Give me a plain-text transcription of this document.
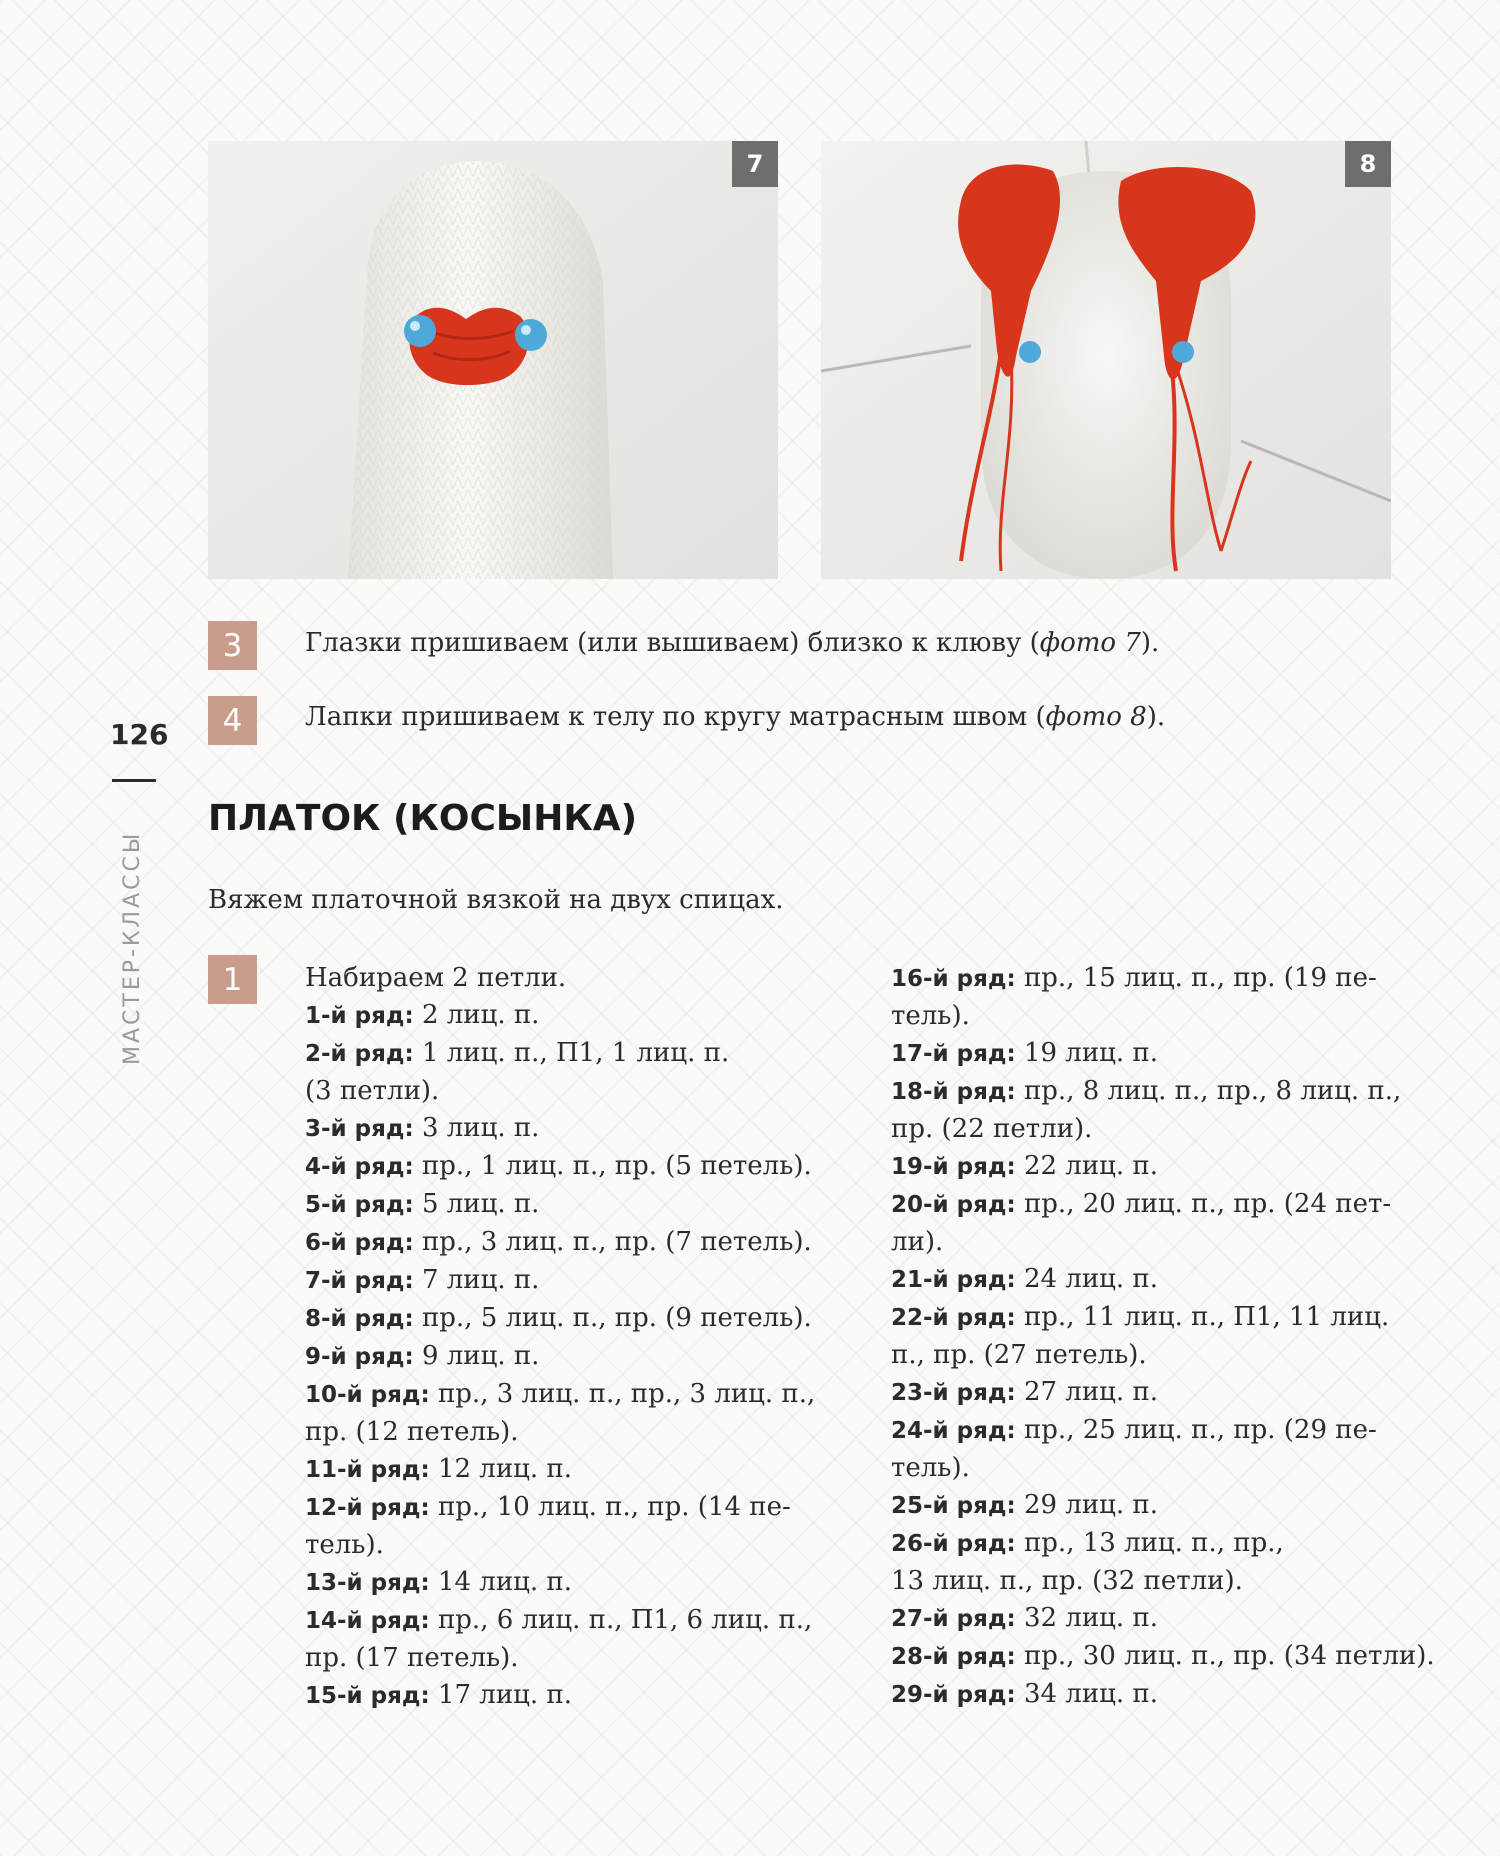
7	8
3	Глазки пришиваем (или вышиваем) близко к клюву (фото 7).
4	Лапки пришиваем к телу по кругу матрасным швом (фото 8).
126
МАСТЕР-КЛАССЫ
ПЛАТОК (КОСЫНКА)
Вяжем платочной вязкой на двух спицах.
1	Набираем 2 петли.
1-й ряд: 2 лиц. п.
2-й ряд: 1 лиц. п., П1, 1 лиц. п.
(3 петли).
3-й ряд: 3 лиц. п.
4-й ряд: пр., 1 лиц. п., пр. (5 петель).
5-й ряд: 5 лиц. п.
6-й ряд: пр., 3 лиц. п., пр. (7 петель).
7-й ряд: 7 лиц. п.
8-й ряд: пр., 5 лиц. п., пр. (9 петель).
9-й ряд: 9 лиц. п.
10-й ряд: пр., 3 лиц. п., пр., 3 лиц. п.,
пр. (12 петель).
11-й ряд: 12 лиц. п.
12-й ряд: пр., 10 лиц. п., пр. (14 пе-
тель).
13-й ряд: 14 лиц. п.
14-й ряд: пр., 6 лиц. п., П1, 6 лиц. п.,
пр. (17 петель).
15-й ряд: 17 лиц. п.
16-й ряд: пр., 15 лиц. п., пр. (19 пе-
тель).
17-й ряд: 19 лиц. п.
18-й ряд: пр., 8 лиц. п., пр., 8 лиц. п.,
пр. (22 петли).
19-й ряд: 22 лиц. п.
20-й ряд: пр., 20 лиц. п., пр. (24 пет-
ли).
21-й ряд: 24 лиц. п.
22-й ряд: пр., 11 лиц. п., П1, 11 лиц.
п., пр. (27 петель).
23-й ряд: 27 лиц. п.
24-й ряд: пр., 25 лиц. п., пр. (29 пе-
тель).
25-й ряд: 29 лиц. п.
26-й ряд: пр., 13 лиц. п., пр.,
13 лиц. п., пр. (32 петли).
27-й ряд: 32 лиц. п.
28-й ряд: пр., 30 лиц. п., пр. (34 петли).
29-й ряд: 34 лиц. п.
